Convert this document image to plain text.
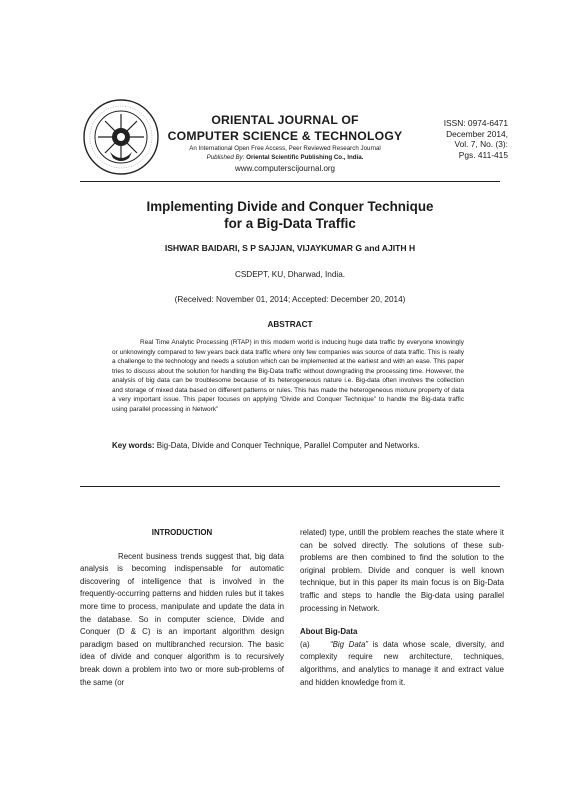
ORIENTAL JOURNAL OF
COMPUTER SCIENCE & TECHNOLOGY
An International Open Free Access, Peer Reviewed Research Journal
Published By: Oriental Scientific Publishing Co., India.
www.computerscijournal.org
ISSN: 0974-6471
December 2014,
Vol. 7, No. (3):
Pgs. 411-415
Implementing Divide and Conquer Technique
for a Big-Data Traffic
ISHWAR BAIDARI, S P SAJJAN, VIJAYKUMAR G and AJITH H
CSDEPT, KU, Dharwad, India.
(Received: November 01, 2014; Accepted: December 20, 2014)
ABSTRACT

Real Time Analytic Processing (RTAP) in this modern world is inducing huge data traffic by everyone knowingly or unknowingly compared to few years back data traffic where only few companies was source of data traffic. This is really a challenge to the technology and needs a solution which can be implemented at the earliest and with an ease. This paper tries to discuss about the solution for handling the Big-Data traffic without downgrading the processing time. However, the analysis of big data can be troublesome because of its heterogeneous nature i.e. Big-data often involves the collection and storage of mixed data based on different patterns or rules. This has made the heterogeneous mixture property of data a very important issue. This paper focuses on applying “Divide and Conquer Technique” to handle the Big-data traffic using parallel processing in Network”

Key words: Big-Data, Divide and Conquer Technique, Parallel Computer and Networks.

INTRODUCTION

Recent business trends suggest that, big data analysis is becoming indispensable for automatic discovering of intelligence that is involved in the frequently-occurring patterns and hidden rules but it takes more time to process, manipulate and update the data in the database. So in computer science, Divide and Conquer (D & C) is an important algorithm design paradigm based on multibranched recursion. The basic idea of divide and conquer algorithm is to recursively break down a problem into two or more sub-problems of the same (or

related) type, untill the problem reaches the state where it can be solved directly. The solutions of these sub-problems are then combined to find the solution to the original problem. Divide and conquer is well known technique, but in this paper its main focus is on Big-Data traffic and steps to handle the Big-data using parallel processing in Network.

About Big-Data

(a)	“Big Data” is data whose scale, diversity, and complexity require new architecture, techniques, algorithms, and analytics to manage it and extract value and hidden knowledge from it.
